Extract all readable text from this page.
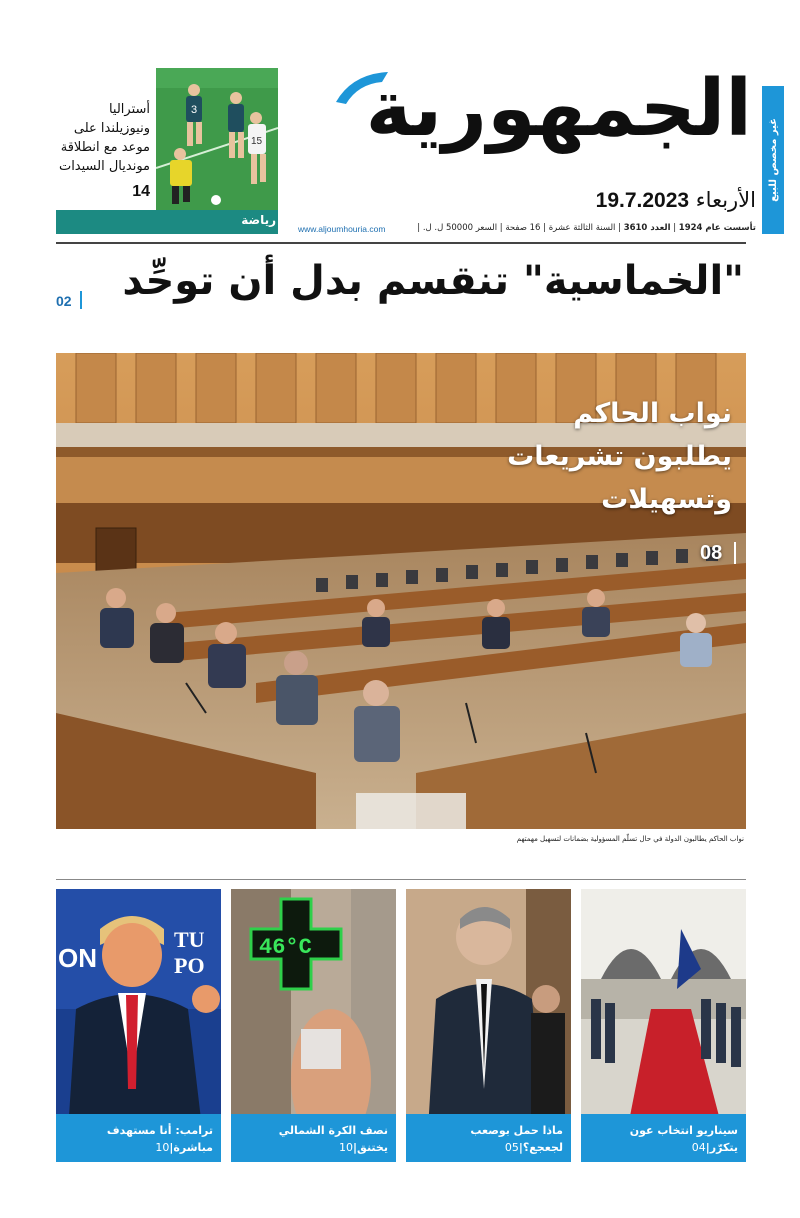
غير مخصص للبيع
الجمهورية
الأربعاء 19.7.2023
تأسست عام 1924 | العدد 3610 | السنة الثالثة عشرة | 16 صفحة | السعر 50000 ل. ل. |
www.aljoumhouria.com
3
15
رياضة
أستراليا ونيوزيلندا على موعد مع انطلاقة مونديال السيدات
14
"الخماسية" تنقسم بدل أن توحِّد
02
نواب الحاكم يطلبون تشريعات وتسهيلات
08
نواب الحاكم يطالبون الدولة في حال تسلّم المسؤولية بضمانات لتسهيل مهمتهم
سيناريو انتخاب عون يتكرّر|04
ماذا حمل بوصعب لجعجع؟|05
46°C
نصف الكرة الشمالي يختنق|10
ON
TU
PO
ترامب: أنا مستهدف مباشرة|10
